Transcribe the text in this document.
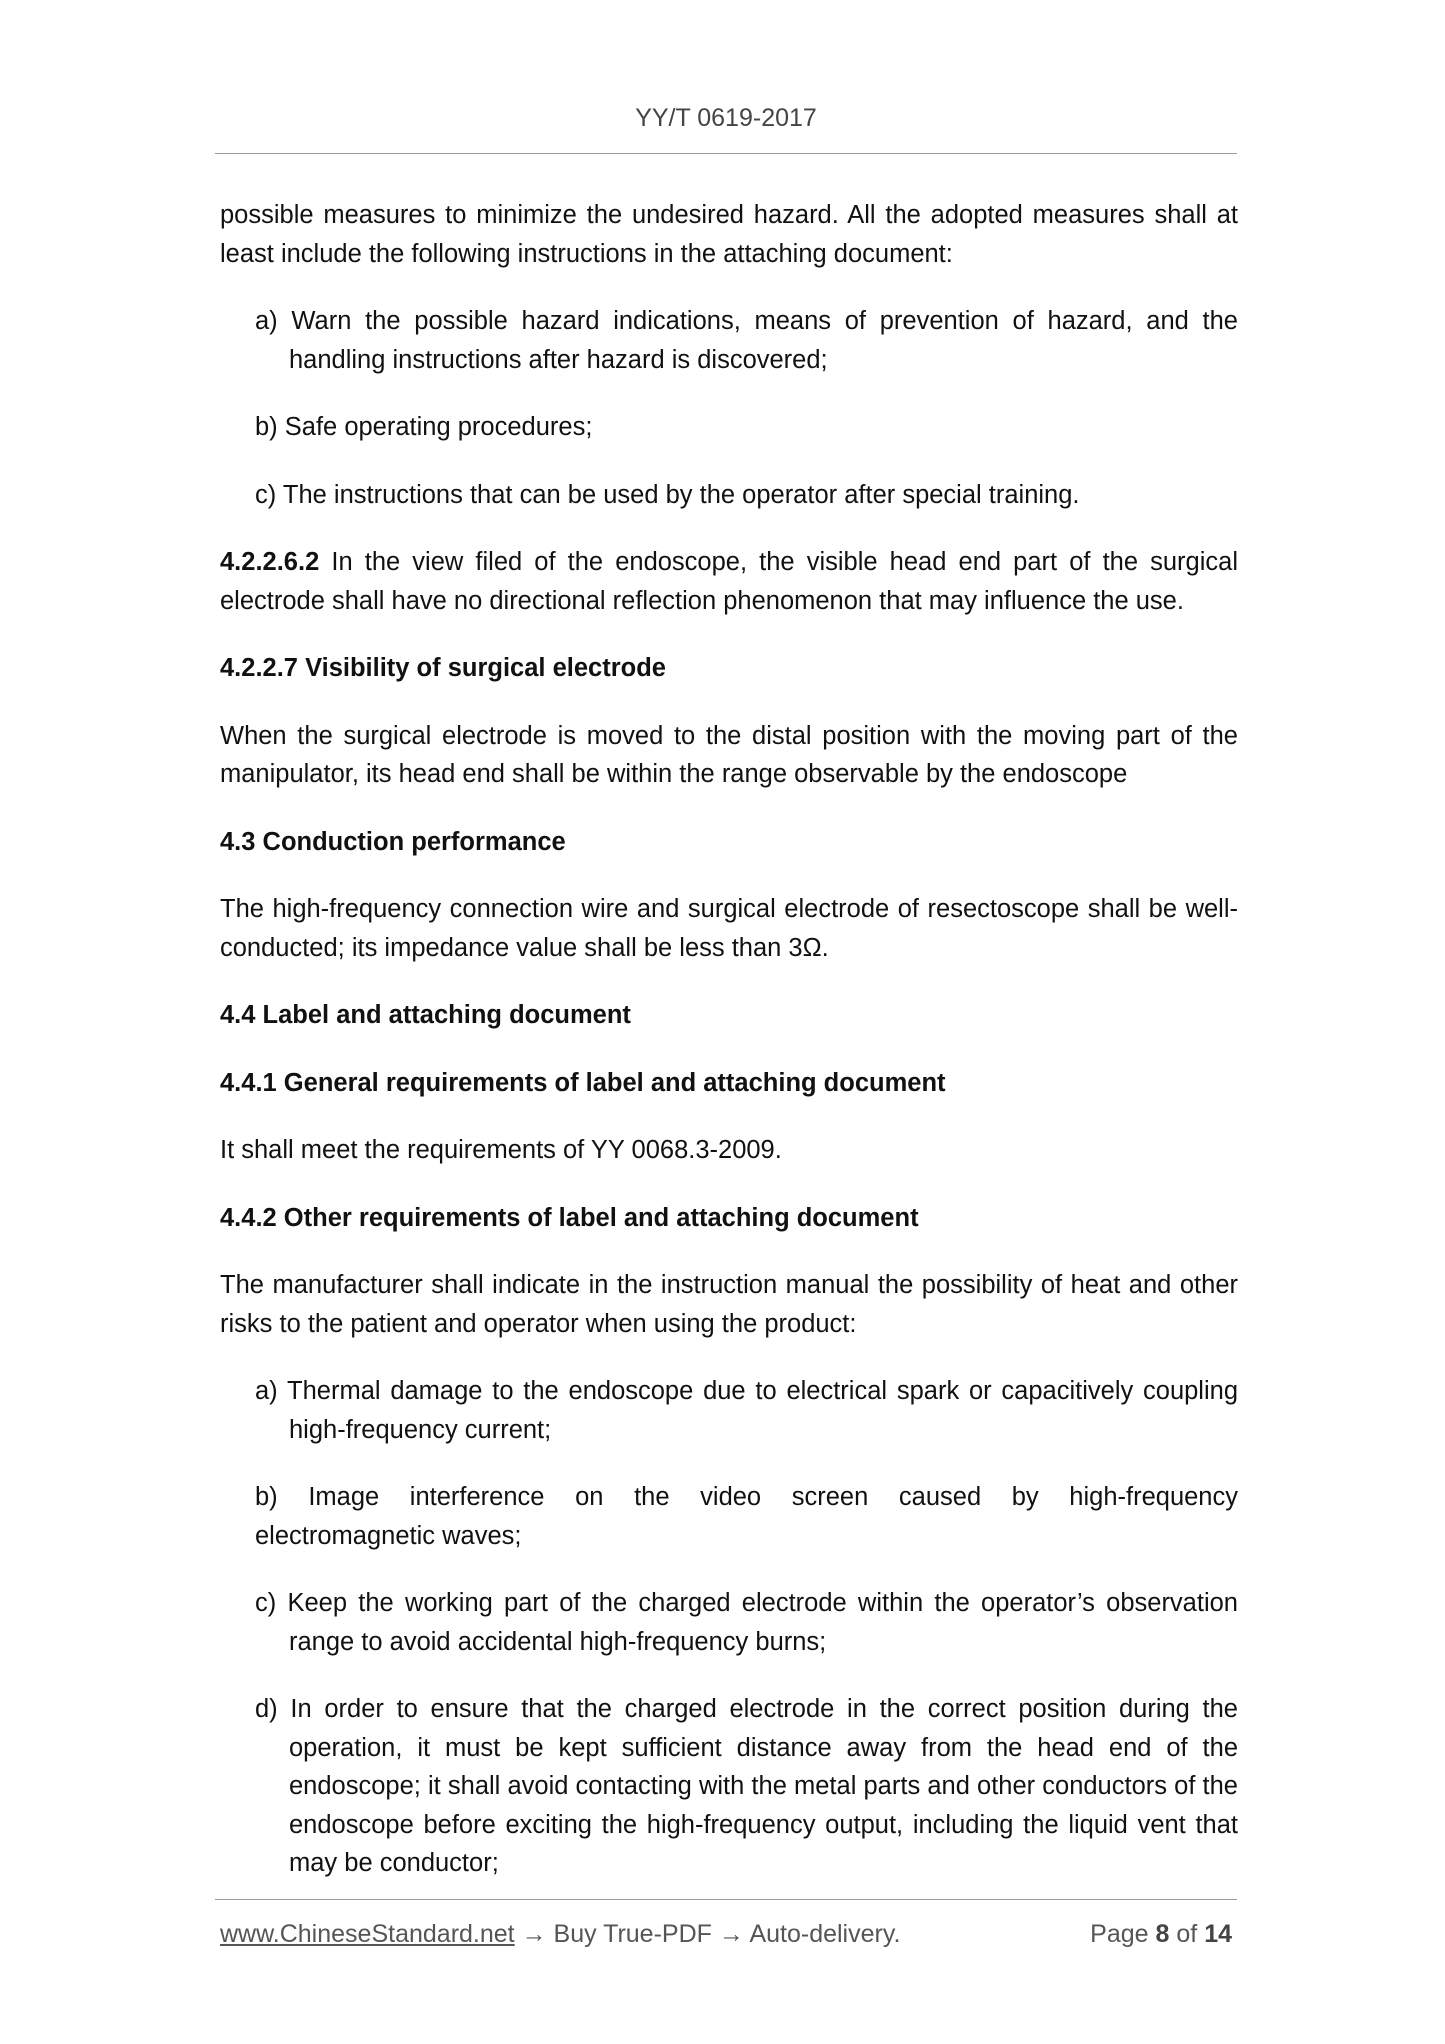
YY/T 0619-2017

possible measures to minimize the undesired hazard. All the adopted measures shall at least include the following instructions in the attaching document:

a) Warn the possible hazard indications, means of prevention of hazard, and the handling instructions after hazard is discovered;

b) Safe operating procedures;

c) The instructions that can be used by the operator after special training.

4.2.2.6.2 In the view filed of the endoscope, the visible head end part of the surgical electrode shall have no directional reflection phenomenon that may influence the use.

4.2.2.7 Visibility of surgical electrode

When the surgical electrode is moved to the distal position with the moving part of the manipulator, its head end shall be within the range observable by the endoscope

4.3 Conduction performance

The high-frequency connection wire and surgical electrode of resectoscope shall be well-conducted; its impedance value shall be less than 3Ω.

4.4 Label and attaching document

4.4.1 General requirements of label and attaching document

It shall meet the requirements of YY 0068.3-2009.

4.4.2 Other requirements of label and attaching document

The manufacturer shall indicate in the instruction manual the possibility of heat and other risks to the patient and operator when using the product:

a) Thermal damage to the endoscope due to electrical spark or capacitively coupling high-frequency current;

b) Image interference on the video screen caused by high-frequency
electromagnetic waves;

c) Keep the working part of the charged electrode within the operator’s observation range to avoid accidental high-frequency burns;

d) In order to ensure that the charged electrode in the correct position during the operation, it must be kept sufficient distance away from the head end of the endoscope; it shall avoid contacting with the metal parts and other conductors of the endoscope before exciting the high-frequency output, including the liquid vent that may be conductor;

www.ChineseStandard.net → Buy True-PDF → Auto-delivery.	Page 8 of 14
